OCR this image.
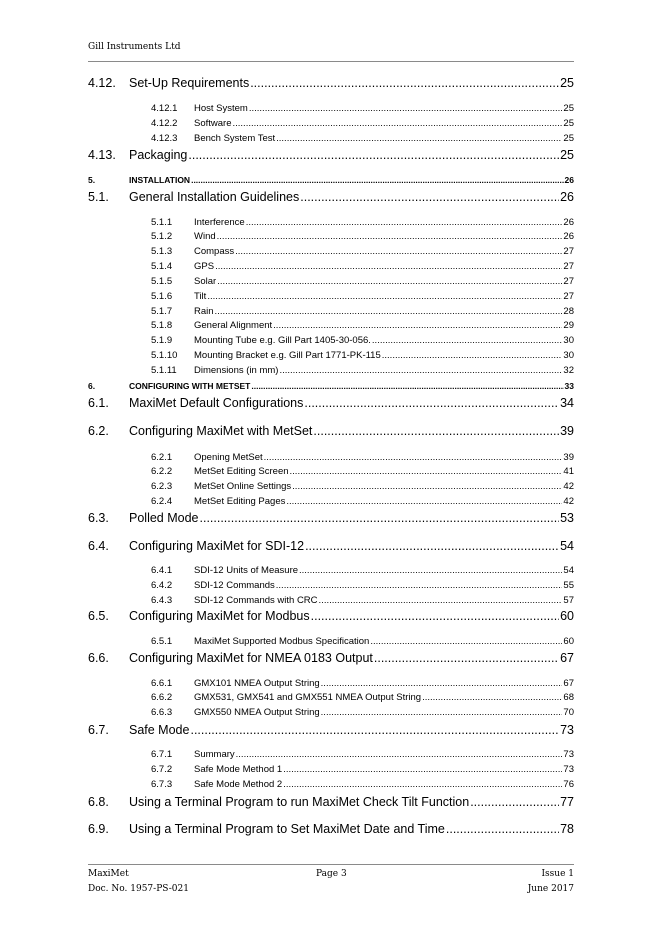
Gill Instruments Ltd
4.12.	Set-Up Requirements .....	25
4.12.1	Host System .....	25
4.12.2	Software .....	25
4.12.3	Bench System Test .....	25
4.13.	Packaging .....	25
5.	INSTALLATION .....	26
5.1.	General Installation Guidelines .....	26
5.1.1	Interference .....	26
5.1.2	Wind .....	26
5.1.3	Compass .....	27
5.1.4	GPS .....	27
5.1.5	Solar .....	27
5.1.6	Tilt .....	27
5.1.7	Rain .....	28
5.1.8	General Alignment .....	29
5.1.9	Mounting Tube e.g. Gill Part 1405-30-056. .....	30
5.1.10	Mounting Bracket e.g. Gill Part 1771-PK-115 .....	30
5.1.11	Dimensions (in mm) .....	32
6.	CONFIGURING WITH METSET .....	33
6.1.	MaxiMet Default Configurations .....	34
6.2.	Configuring MaxiMet with MetSet .....	39
6.2.1	Opening MetSet .....	39
6.2.2	MetSet Editing Screen .....	41
6.2.3	MetSet Online Settings .....	42
6.2.4	MetSet Editing Pages .....	42
6.3.	Polled Mode .....	53
6.4.	Configuring MaxiMet for SDI-12 .....	54
6.4.1	SDI-12 Units of Measure .....	54
6.4.2	SDI-12 Commands .....	55
6.4.3	SDI-12 Commands with CRC .....	57
6.5.	Configuring MaxiMet for Modbus .....	60
6.5.1	MaxiMet Supported Modbus Specification .....	60
6.6.	Configuring MaxiMet for NMEA 0183 Output .....	67
6.6.1	GMX101 NMEA Output String .....	67
6.6.2	GMX531, GMX541 and GMX551 NMEA Output String .....	68
6.6.3	GMX550 NMEA Output String .....	70
6.7.	Safe Mode .....	73
6.7.1	Summary .....	73
6.7.2	Safe Mode Method 1 .....	73
6.7.3	Safe Mode Method 2 .....	76
6.8.	Using a Terminal Program to run MaxiMet Check Tilt Function .....	77
6.9.	Using a Terminal Program to Set MaxiMet Date and Time .....	78
MaxiMet
Doc. No. 1957-PS-021
Page 3	Issue 1
June 2017
